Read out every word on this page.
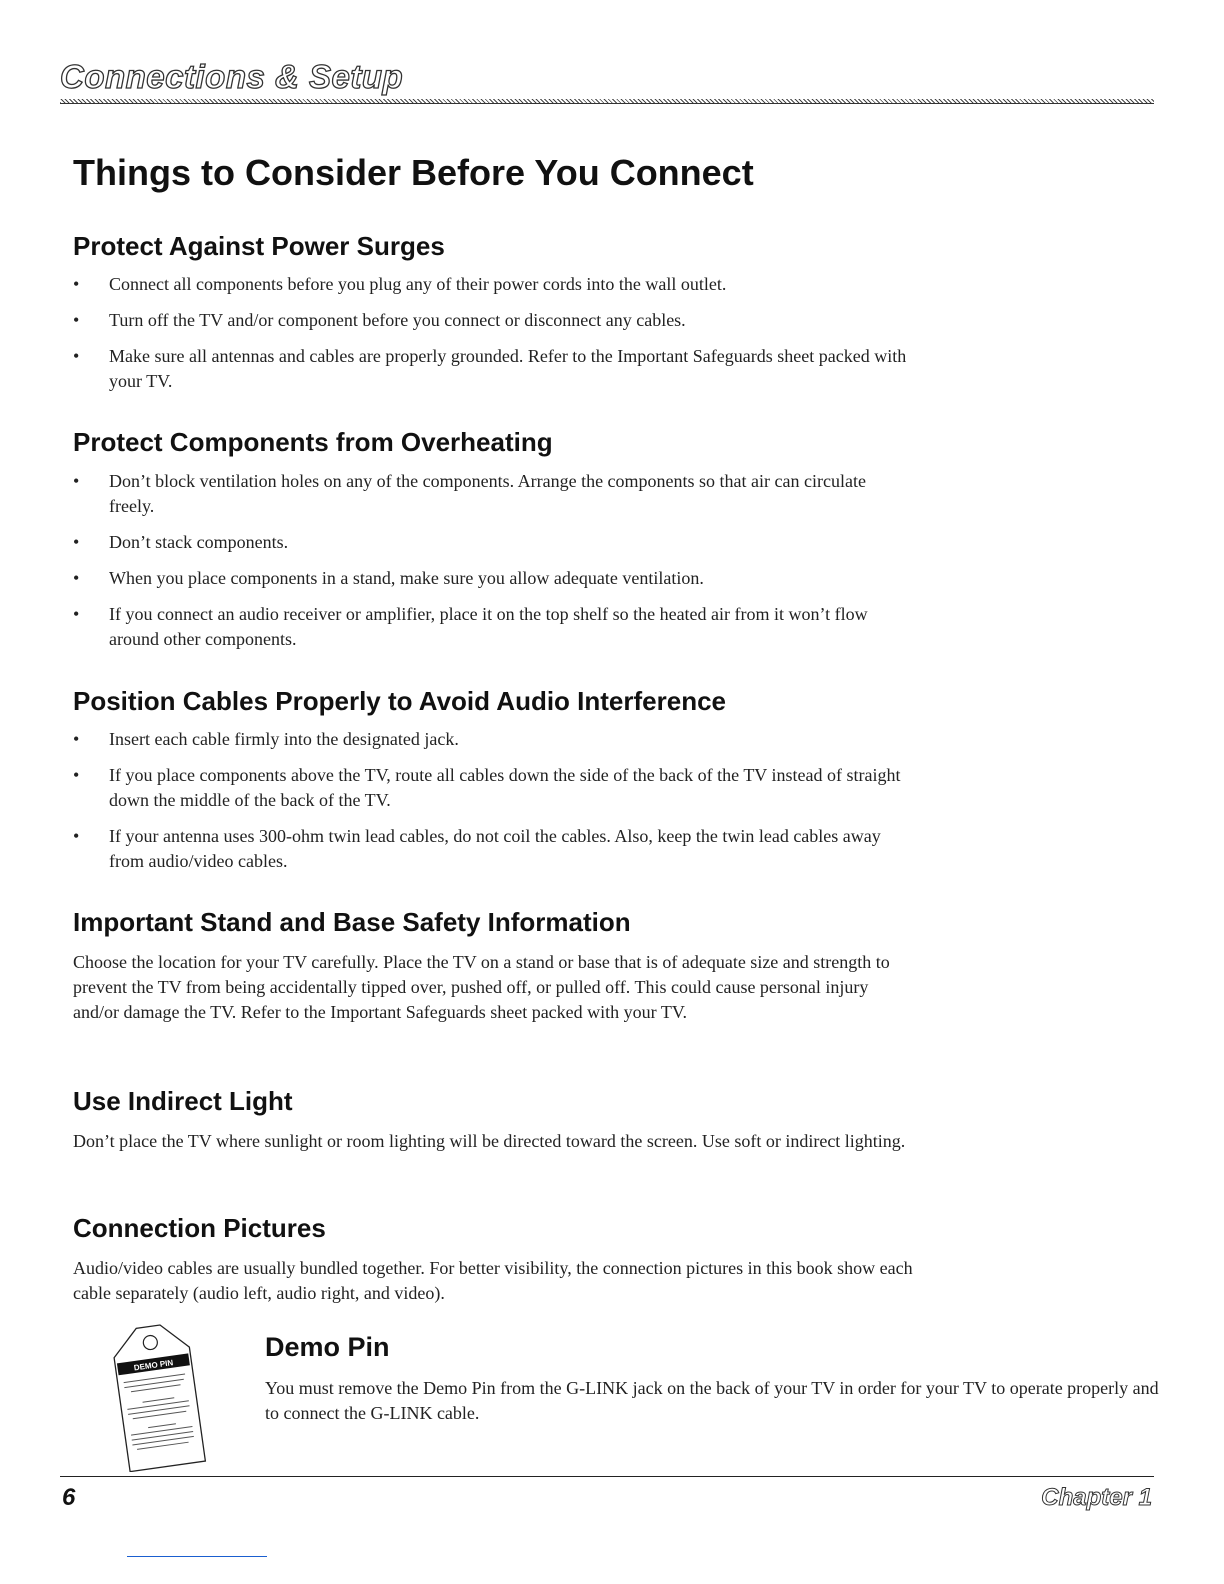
Connections & Setup
Things to Consider Before You Connect
Protect Against Power Surges
• Connect all components before you plug any of their power cords into the wall outlet.
• Turn off the TV and/or component before you connect or disconnect any cables.
• Make sure all antennas and cables are properly grounded. Refer to the Important Safeguards sheet packed with your TV.
Protect Components from Overheating
• Don’t block ventilation holes on any of the components. Arrange the components so that air can circulate freely.
• Don’t stack components.
• When you place components in a stand, make sure you allow adequate ventilation.
• If you connect an audio receiver or amplifier, place it on the top shelf so the heated air from it won’t flow around other components.
Position Cables Properly to Avoid Audio Interference
• Insert each cable firmly into the designated jack.
• If you place components above the TV, route all cables down the side of the back of the TV instead of straight down the middle of the back of the TV.
• If your antenna uses 300-ohm twin lead cables, do not coil the cables. Also, keep the twin lead cables away from audio/video cables.
Important Stand and Base Safety Information

Choose the location for your TV carefully. Place the TV on a stand or base that is of adequate size and strength to prevent the TV from being accidentally tipped over, pushed off, or pulled off. This could cause personal injury and/or damage the TV. Refer to the Important Safeguards sheet packed with your TV.

Use Indirect Light

Don’t place the TV where sunlight or room lighting will be directed toward the screen. Use soft or indirect lighting.

Connection Pictures

Audio/video cables are usually bundled together. For better visibility, the connection pictures in this book show each cable separately (audio left, audio right, and video).

DEMO PIN
Demo Pin

You must remove the Demo Pin from the G-LINK jack on the back of your TV in order for your TV to operate properly and to connect the G-LINK cable.

6	Chapter 1
